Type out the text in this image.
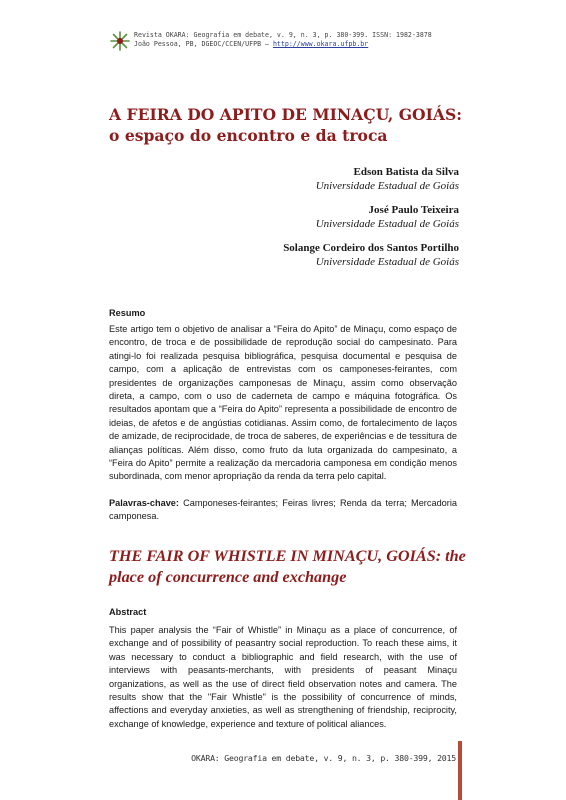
Revista OKARA: Geografia em debate, v. 9, n. 3, p. 380-399. ISSN: 1982-3878
João Pessoa, PB, DGEOC/CCEN/UFPB – http://www.okara.ufpb.br
A FEIRA DO APITO DE MINAÇU, GOIÁS: o espaço do encontro e da troca
Edson Batista da Silva
Universidade Estadual de Goiás
José Paulo Teixeira
Universidade Estadual de Goiás
Solange Cordeiro dos Santos Portilho
Universidade Estadual de Goiás
Resumo

Este artigo tem o objetivo de analisar a “Feira do Apito” de Minaçu, como espaço de encontro, de troca e de possibilidade de reprodução social do campesinato. Para atingi-lo foi realizada pesquisa bibliográfica, pesquisa documental e pesquisa de campo, com a aplicação de entrevistas com os camponeses-feirantes, com presidentes de organizações camponesas de Minaçu, assim como observação direta, a campo, com o uso de caderneta de campo e máquina fotográfica. Os resultados apontam que a “Feira do Apito” representa a possibilidade de encontro de ideias, de afetos e de angústias cotidianas. Assim como, de fortalecimento de laços de amizade, de reciprocidade, de troca de saberes, de experiências e de tessitura de alianças políticas. Além disso, como fruto da luta organizada do campesinato, a “Feira do Apito” permite a realização da mercadoria camponesa em condição menos subordinada, com menor apropriação da renda da terra pelo capital.

Palavras-chave: Camponeses-feirantes; Feiras livres; Renda da terra; Mercadoria camponesa.

THE FAIR OF WHISTLE IN MINAÇU, GOIÁS: the place of concurrence and exchange
Abstract

This paper analysis the “Fair of Whistle” in Minaçu as a place of concurrence, of exchange and of possibility of peasantry social reproduction. To reach these aims, it was necessary to conduct a bibliographic and field research, with the use of interviews with peasants-merchants, with presidents of peasant Minaçu organizations, as well as the use of direct field observation notes and camera. The results show that the "Fair Whistle" is the possibility of concurrence of minds, affections and everyday anxieties, as well as strengthening of friendship, reciprocity, exchange of knowledge, experience and texture of political aliances.

OKARA: Geografia em debate, v. 9, n. 3, p. 380-399, 2015
